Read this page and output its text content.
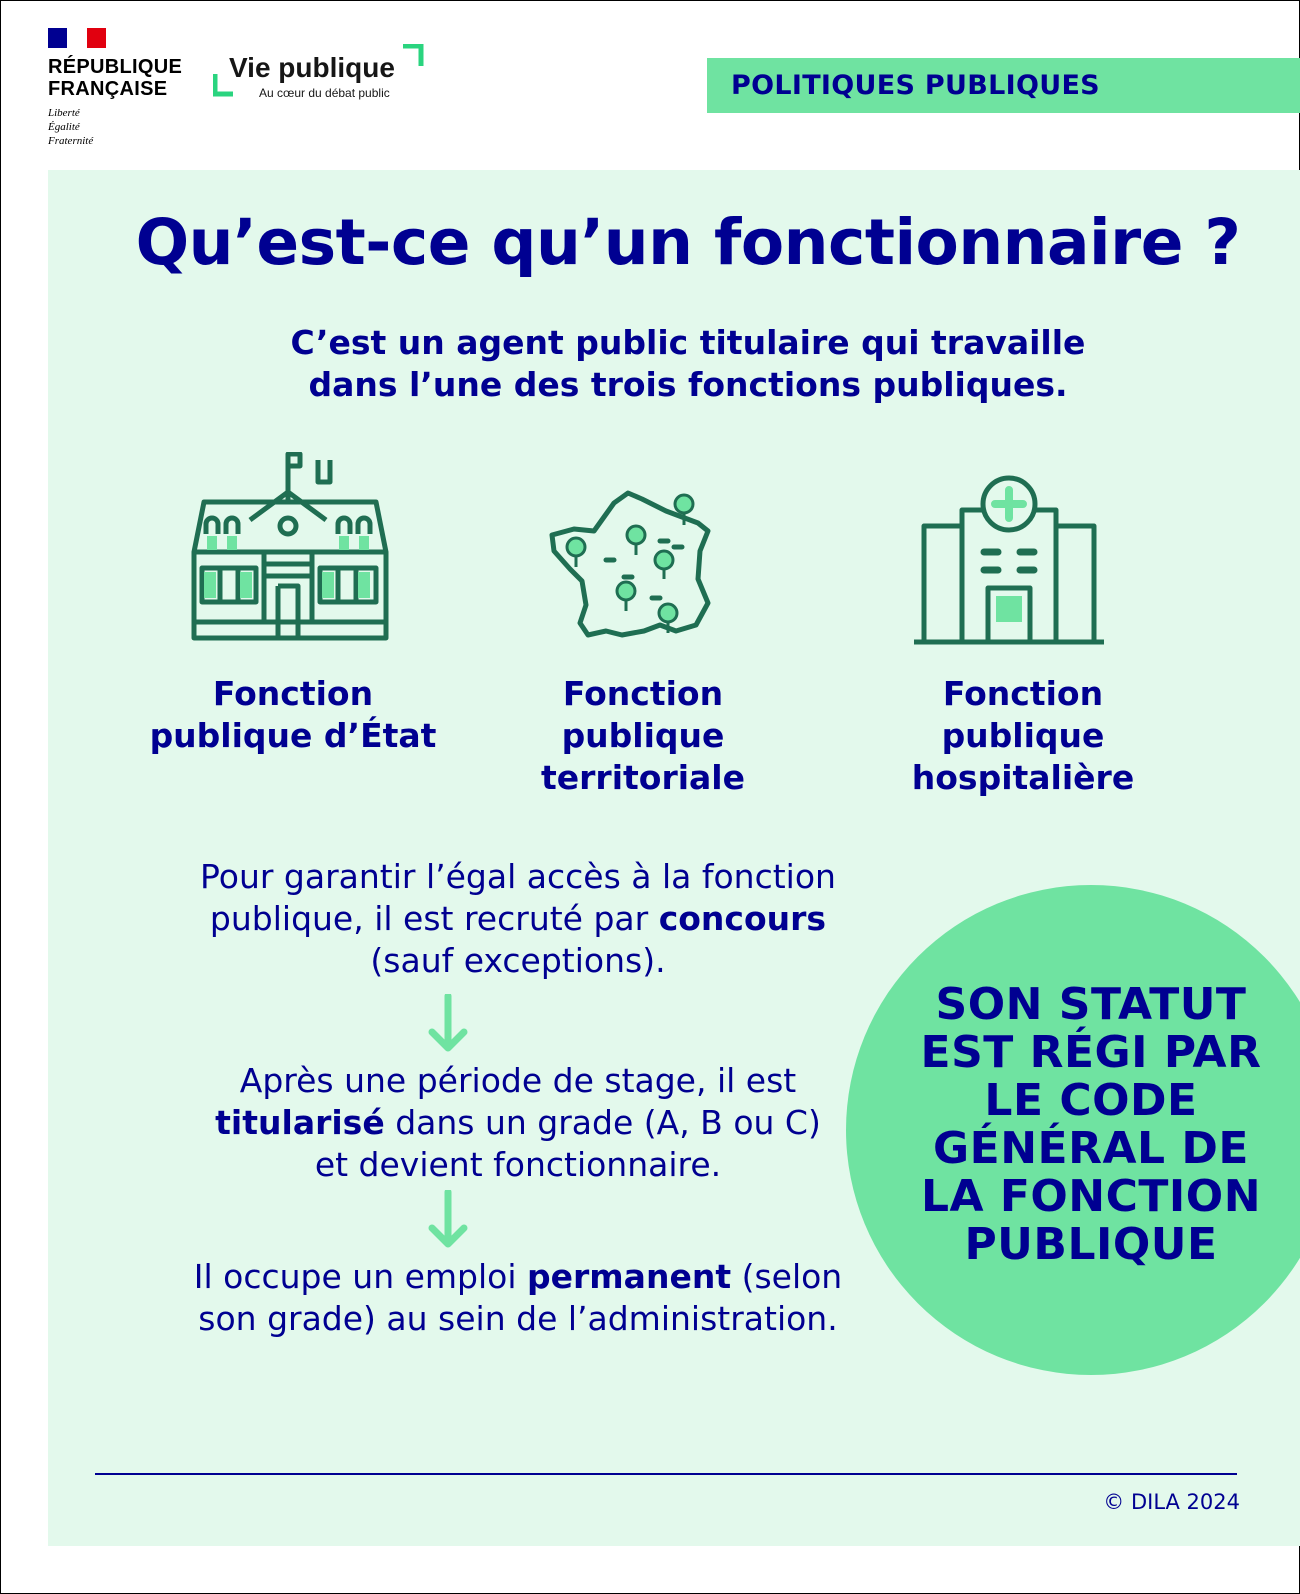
RÉPUBLIQUE
FRANÇAISE
Liberté
Égalité
Fraternité
Vie publique
Au cœur du débat public	POLITIQUES PUBLIQUES
Qu’est-ce qu’un fonctionnaire ?
C’est un agent public titulaire qui travaille
dans l’une des trois fonctions publiques.
Fonction
publique d’État
Fonction
publique
territoriale
Fonction
publique
hospitalière
Pour garantir l’égal accès à la fonction
publique, il est recruté par concours
(sauf exceptions).
Après une période de stage, il est
titularisé dans un grade (A, B ou C)
et devient fonctionnaire.
Il occupe un emploi permanent (selon
son grade) au sein de l’administration.
SON STATUT
EST RÉGI PAR
LE CODE
GÉNÉRAL DE
LA FONCTION
PUBLIQUE
© DILA 2024
